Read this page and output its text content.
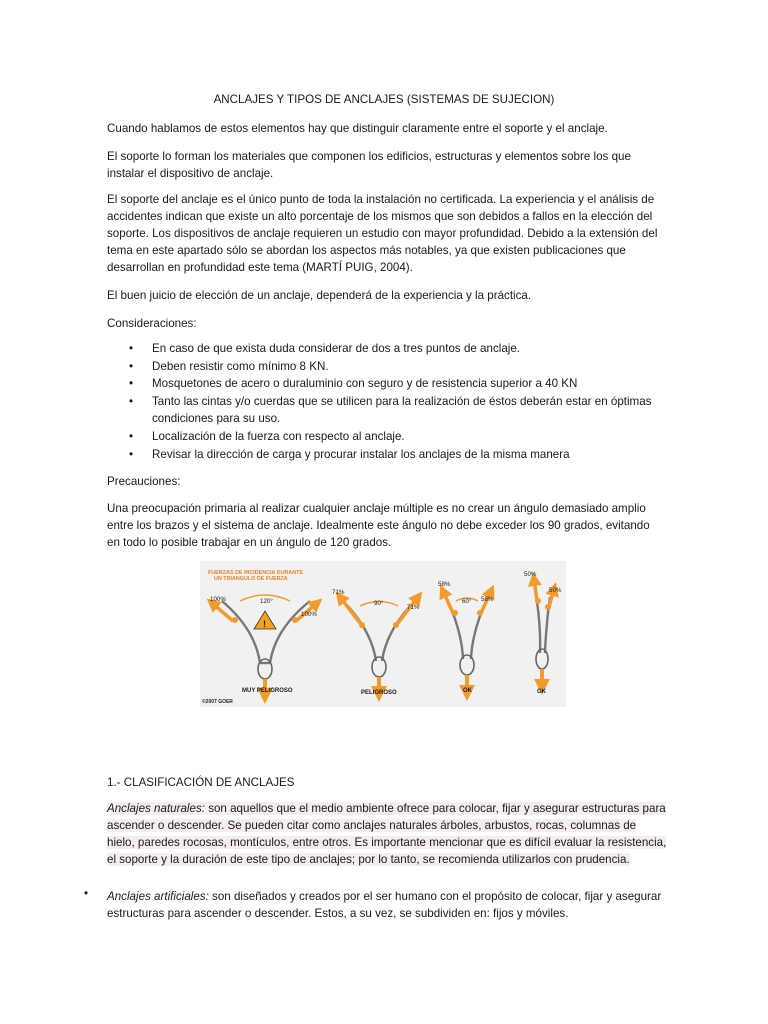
ANCLAJES Y TIPOS DE ANCLAJES (SISTEMAS DE SUJECION)
Cuando hablamos de estos elementos hay que distinguir claramente entre el soporte y el anclaje.
El soporte lo forman los materiales que componen los edificios, estructuras y elementos sobre los que instalar el dispositivo de anclaje.
El soporte del anclaje es el único punto de toda la instalación no certificada. La experiencia y el análisis de accidentes indican que existe un alto porcentaje de los mismos que son debidos a fallos en la elección del soporte. Los dispositivos de anclaje requieren un estudio con mayor profundidad. Debido a la extensión del tema en este apartado sólo se abordan los aspectos más notables, ya que existen publicaciones que desarrollan en profundidad este tema (MARTÍ PUIG, 2004).
El buen juicio de elección de un anclaje, dependerá de la experiencia y la práctica.
Consideraciones:
• En caso de que exista duda considerar de dos a tres puntos de anclaje.
• Deben resistir como mínimo 8 KN.
• Mosquetones de acero o duraluminio con seguro y de resistencia superior a 40 KN
• Tanto las cintas y/o cuerdas que se utilicen para la realización de éstos deberán estar en óptimas condiciones para su uso.
• Localización de la fuerza con respecto al anclaje.
• Revisar la dirección de carga y procurar instalar los anclajes de la misma manera
Precauciones:
Una preocupación primaria al realizar cualquier anclaje múltiple es no crear un ángulo demasiado amplio entre los brazos y el sistema de anclaje. Idealmente este ángulo no debe exceder los 90 grados, evitando en todo lo posible trabajar en un ángulo de 120 grados.
FUERZAS DE INCIDENCIA DURANTE
UN TRIANGULO DE FUERZA
!
120°
100%
100%
MUY PELIGROSO
90°
71%
71%
PELIGROSO
60°
58%
58%
OK
50%
50%
OK
©2007 GOER
1.- CLASIFICACIÓN DE ANCLAJES
Anclajes naturales: son aquellos que el medio ambiente ofrece para colocar, fijar y asegurar estructuras para ascender o descender. Se pueden citar como anclajes naturales árboles, arbustos, rocas, columnas de hielo, paredes rocosas, montículos, entre otros. Es importante mencionar que es difícil evaluar la resistencia, el soporte y la duración de este tipo de anclajes; por lo tanto, se recomienda utilizarlos con prudencia.
• Anclajes artificiales: son diseñados y creados por el ser humano con el propósito de colocar, fijar y asegurar estructuras para ascender o descender. Estos, a su vez, se subdividen en: fijos y móviles.
